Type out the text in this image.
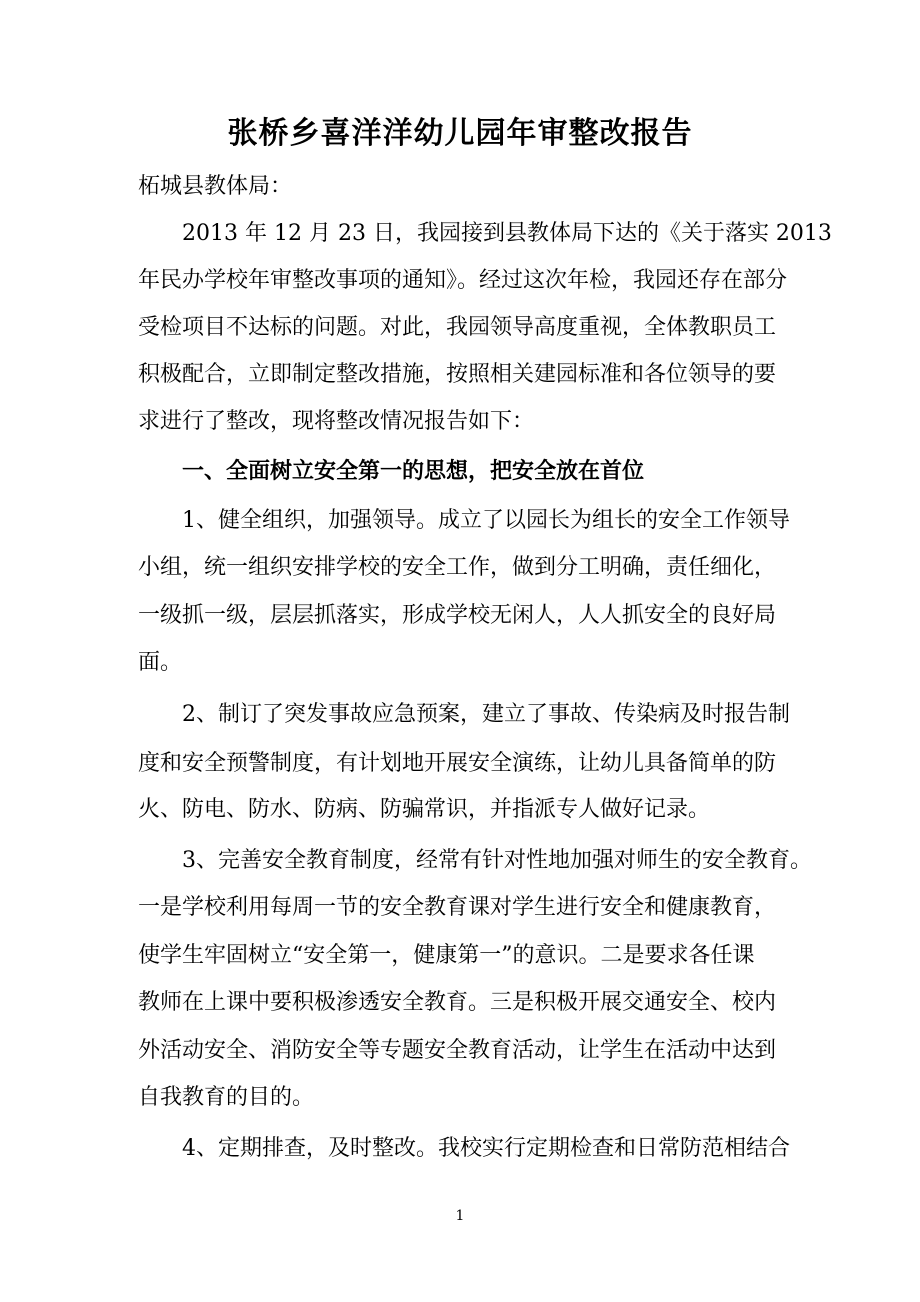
张桥乡喜洋洋幼儿园年审整改报告
柘城县教体局：
2013 年 12 月 23 日，我园接到县教体局下达的《关于落实 2013
年民办学校年审整改事项的通知》。经过这次年检，我园还存在部分
受检项目不达标的问题。对此，我园领导高度重视，全体教职员工
积极配合，立即制定整改措施，按照相关建园标准和各位领导的要
求进行了整改，现将整改情况报告如下：
一、全面树立安全第一的思想，把安全放在首位
1、健全组织，加强领导。成立了以园长为组长的安全工作领导
小组，统一组织安排学校的安全工作，做到分工明确，责任细化，
一级抓一级，层层抓落实，形成学校无闲人，人人抓安全的良好局
面。
2、制订了突发事故应急预案，建立了事故、传染病及时报告制
度和安全预警制度，有计划地开展安全演练，让幼儿具备简单的防
火、防电、防水、防病、防骗常识，并指派专人做好记录。
3、完善安全教育制度，经常有针对性地加强对师生的安全教育。
一是学校利用每周一节的安全教育课对学生进行安全和健康教育，
使学生牢固树立“安全第一，健康第一”的意识。二是要求各任课
教师在上课中要积极渗透安全教育。三是积极开展交通安全、校内
外活动安全、消防安全等专题安全教育活动，让学生在活动中达到
自我教育的目的。
4、定期排查，及时整改。我校实行定期检查和日常防范相结合
1
